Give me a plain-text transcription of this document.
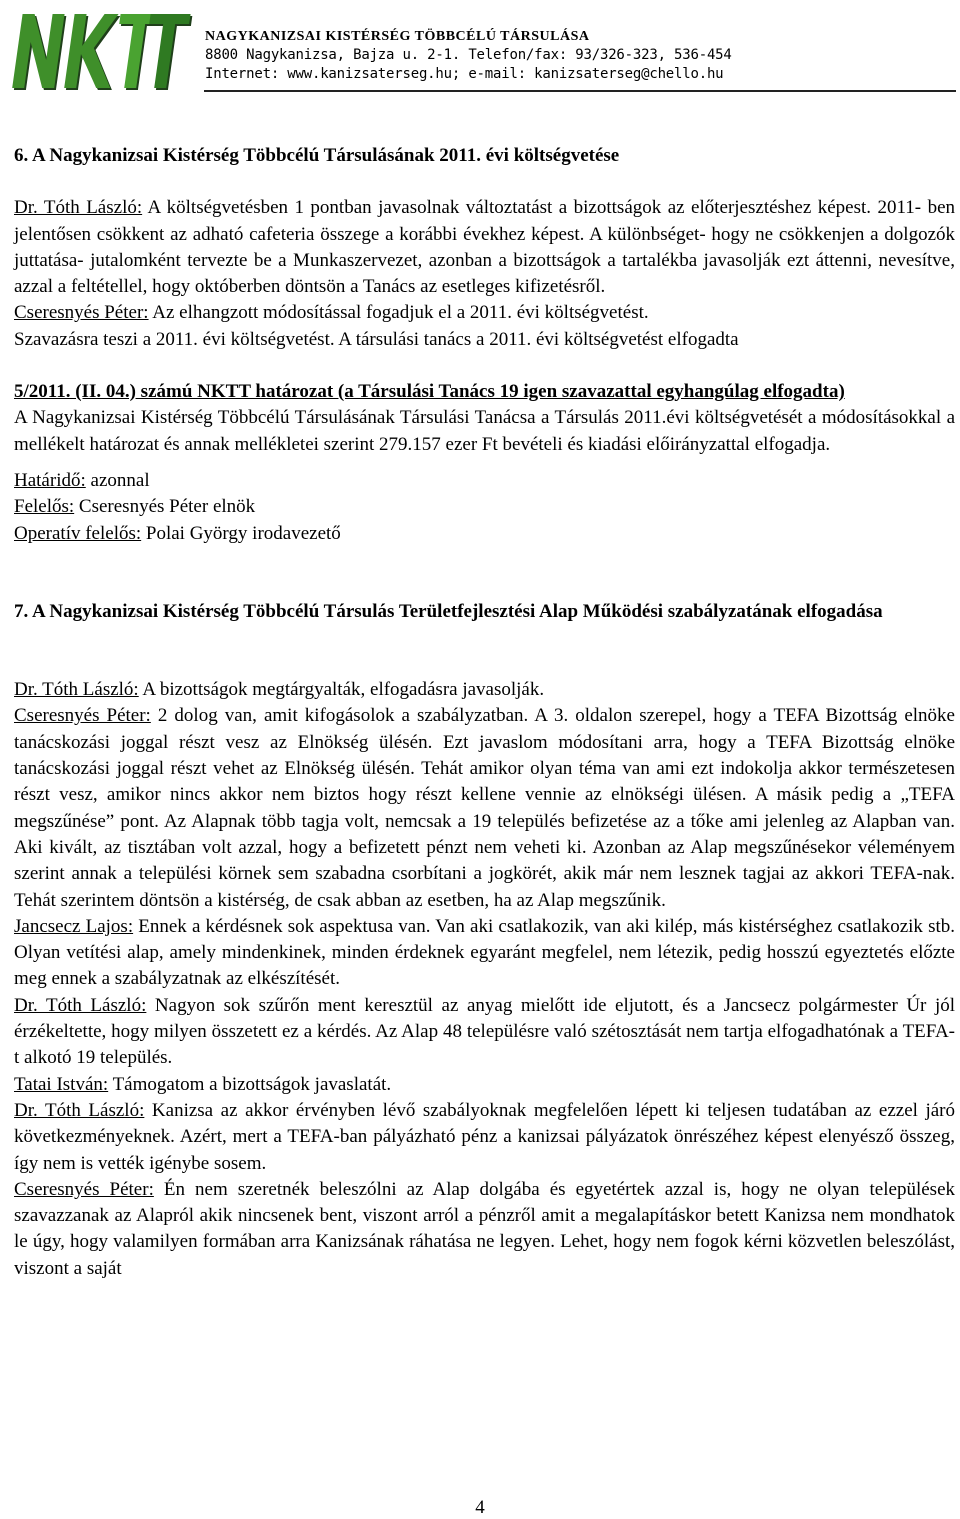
NAGYKANIZSAI KISTÉRSÉG TÖBBCÉLÚ TÁRSULÁSA
8800 Nagykanizsa, Bajza u. 2-1. Telefon/fax: 93/326-323, 536-454
Internet: www.kanizsaterseg.hu; e-mail: kanizsaterseg@chello.hu

6. A Nagykanizsai Kistérség Többcélú Társulásának 2011. évi költségvetése

Dr. Tóth László: A költségvetésben 1 pontban javasolnak változtatást a bizottságok az előterjesztéshez képest. 2011- ben jelentősen csökkent az adható cafeteria összege a korábbi évekhez képest. A különbséget- hogy ne csökkenjen a dolgozók juttatása- jutalomként tervezte be a Munkaszervezet, azonban a bizottságok a tartalékba javasolják ezt áttenni, nevesítve, azzal a feltétellel, hogy októberben döntsön a Tanács az esetleges kifizetésről.

Cseresnyés Péter: Az elhangzott módosítással fogadjuk el a 2011. évi költségvetést.

Szavazásra teszi a 2011. évi költségvetést. A társulási tanács a 2011. évi költségvetést elfogadta

5/2011. (II. 04.) számú NKTT határozat (a Társulási Tanács 19 igen szavazattal egyhangúlag elfogadta)

A Nagykanizsai Kistérség Többcélú Társulásának Társulási Tanácsa a Társulás 2011.évi költségvetését a módosításokkal a mellékelt határozat és annak mellékletei szerint 279.157 ezer Ft bevételi és kiadási előirányzattal elfogadja.

Határidő: azonnal

Felelős: Cseresnyés Péter elnök

Operatív felelős: Polai György irodavezető

7. A Nagykanizsai Kistérség Többcélú Társulás Területfejlesztési Alap Működési szabályzatának elfogadása

Dr. Tóth László: A bizottságok megtárgyalták, elfogadásra javasolják.

Cseresnyés Péter: 2 dolog van, amit kifogásolok a szabályzatban. A 3. oldalon szerepel, hogy a TEFA Bizottság elnöke tanácskozási joggal részt vesz az Elnökség ülésén. Ezt javaslom módosítani arra, hogy a TEFA Bizottság elnöke tanácskozási joggal részt vehet az Elnökség ülésén. Tehát amikor olyan téma van ami ezt indokolja akkor természetesen részt vesz, amikor nincs akkor nem biztos hogy részt kellene vennie az elnökségi ülésen. A másik pedig a „TEFA megszűnése” pont. Az Alapnak több tagja volt, nemcsak a 19 település befizetése az a tőke ami jelenleg az Alapban van. Aki kivált, az tisztában volt azzal, hogy a befizetett pénzt nem veheti ki. Azonban az Alap megszűnésekor véleményem szerint annak a települési körnek sem szabadna csorbítani a jogkörét, akik már nem lesznek tagjai az akkori TEFA-nak. Tehát szerintem döntsön a kistérség, de csak abban az esetben, ha az Alap megszűnik.

Jancsecz Lajos: Ennek a kérdésnek sok aspektusa van. Van aki csatlakozik, van aki kilép, más kistérséghez csatlakozik stb. Olyan vetítési alap, amely mindenkinek, minden érdeknek egyaránt megfelel, nem létezik, pedig hosszú egyeztetés előzte meg ennek a szabályzatnak az elkészítését.

Dr. Tóth László: Nagyon sok szűrőn ment keresztül az anyag mielőtt ide eljutott, és a Jancsecz polgármester Úr jól érzékeltette, hogy milyen összetett ez a kérdés. Az Alap 48 településre való szétosztását nem tartja elfogadhatónak a TEFA-t alkotó 19 település.

Tatai István: Támogatom a bizottságok javaslatát.

Dr. Tóth László: Kanizsa az akkor érvényben lévő szabályoknak megfelelően lépett ki teljesen tudatában az ezzel járó következményeknek. Azért, mert a TEFA-ban pályázható pénz a kanizsai pályázatok önrészéhez képest elenyésző összeg, így nem is vették igénybe sosem.

Cseresnyés Péter: Én nem szeretnék beleszólni az Alap dolgába és egyetértek azzal is, hogy ne olyan települések szavazzanak az Alapról akik nincsenek bent, viszont arról a pénzről amit a megalapításkor betett Kanizsa nem mondhatok le úgy, hogy valamilyen formában arra Kanizsának ráhatása ne legyen. Lehet, hogy nem fogok kérni közvetlen beleszólást, viszont a saját

4
